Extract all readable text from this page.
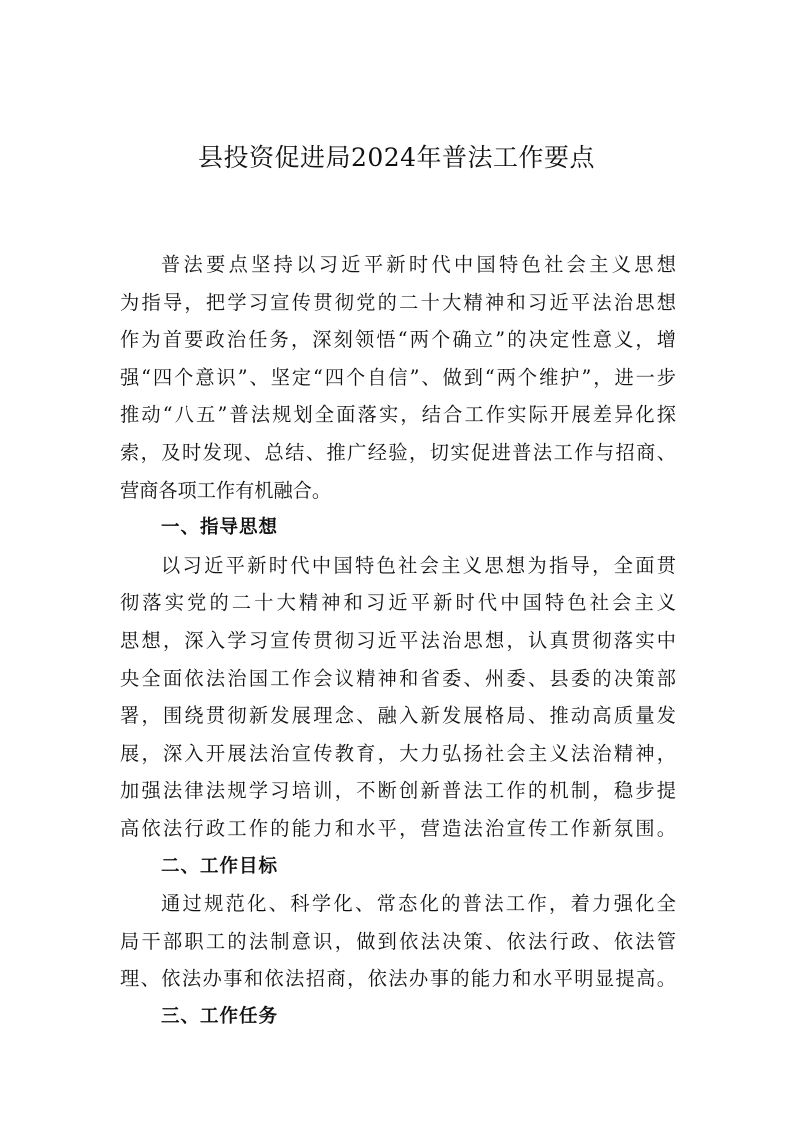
县投资促进局2024年普法工作要点
普法要点坚持以习近平新时代中国特色社会主义思想
为指导，把学习宣传贯彻党的二十大精神和习近平法治思想
作为首要政治任务，深刻领悟“两个确立”的决定性意义，增
强“四个意识”、坚定“四个自信”、做到“两个维护”，进一步
推动“八五”普法规划全面落实，结合工作实际开展差异化探
索，及时发现、总结、推广经验，切实促进普法工作与招商、
营商各项工作有机融合。
一、指导思想
以习近平新时代中国特色社会主义思想为指导，全面贯
彻落实党的二十大精神和习近平新时代中国特色社会主义
思想，深入学习宣传贯彻习近平法治思想，认真贯彻落实中
央全面依法治国工作会议精神和省委、州委、县委的决策部
署，围绕贯彻新发展理念、融入新发展格局、推动高质量发
展，深入开展法治宣传教育，大力弘扬社会主义法治精神，
加强法律法规学习培训，不断创新普法工作的机制，稳步提
高依法行政工作的能力和水平，营造法治宣传工作新氛围。
二、工作目标
通过规范化、科学化、常态化的普法工作，着力强化全
局干部职工的法制意识，做到依法决策、依法行政、依法管
理、依法办事和依法招商，依法办事的能力和水平明显提高。
三、工作任务
